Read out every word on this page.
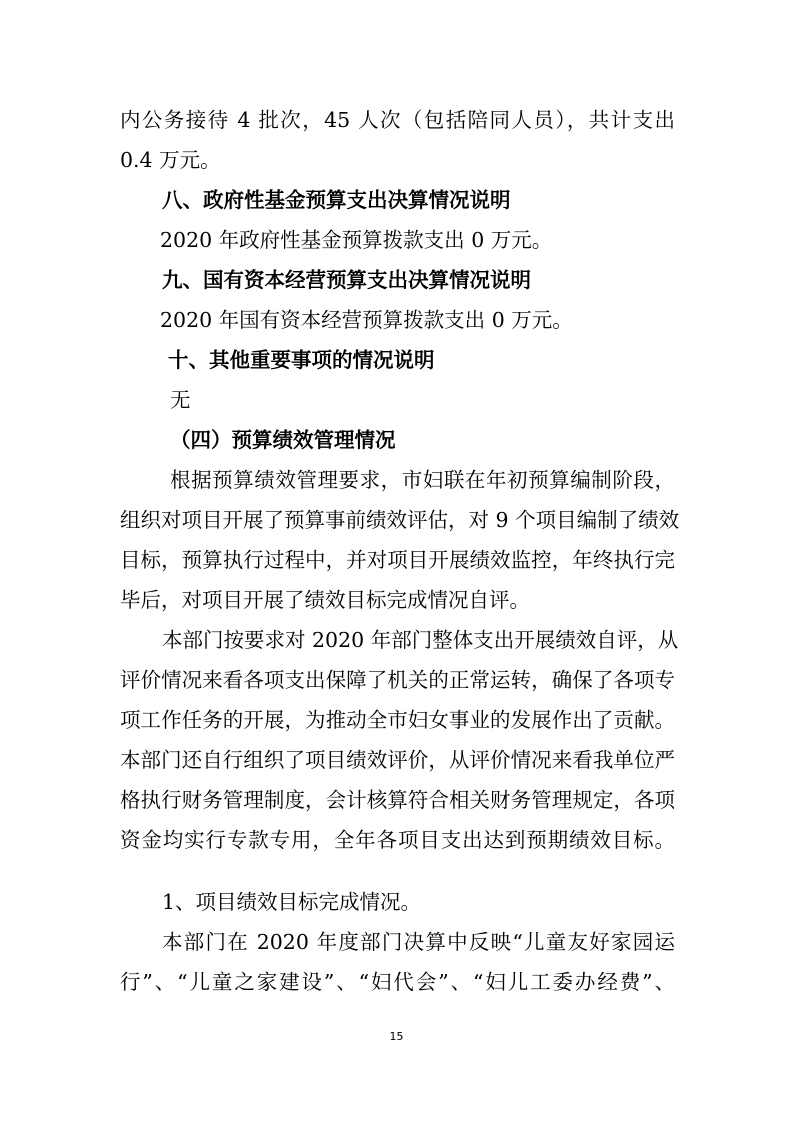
内公务接待 4 批次，45 人次（包括陪同人员），共计支出
0.4 万元。
八、政府性基金预算支出决算情况说明
2020 年政府性基金预算拨款支出 0 万元。
九、国有资本经营预算支出决算情况说明
2020 年国有资本经营预算拨款支出 0 万元。
十、其他重要事项的情况说明
无
（四）预算绩效管理情况
根据预算绩效管理要求，市妇联在年初预算编制阶段，
组织对项目开展了预算事前绩效评估，对 9 个项目编制了绩效
目标，预算执行过程中，并对项目开展绩效监控，年终执行完
毕后，对项目开展了绩效目标完成情况自评。
本部门按要求对 2020 年部门整体支出开展绩效自评，从
评价情况来看各项支出保障了机关的正常运转，确保了各项专
项工作任务的开展，为推动全市妇女事业的发展作出了贡献。
本部门还自行组织了项目绩效评价，从评价情况来看我单位严
格执行财务管理制度，会计核算符合相关财务管理规定，各项
资金均实行专款专用，全年各项目支出达到预期绩效目标。
1、项目绩效目标完成情况。
本部门在 2020 年度部门决算中反映“儿童友好家园运
行”、“儿童之家建设”、“妇代会”、“妇儿工委办经费”、
15
